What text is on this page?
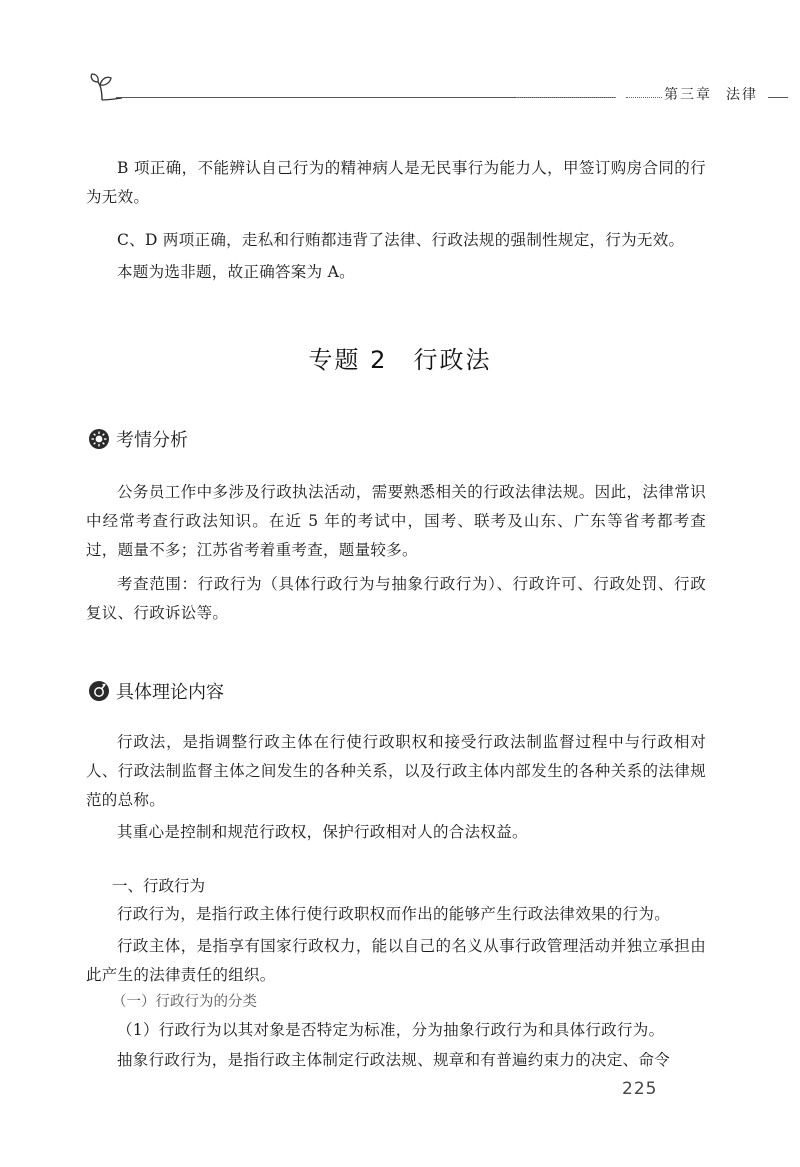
第三章 法律

B 项正确，不能辨认自己行为的精神病人是无民事行为能力人，甲签订购房合同的行为无效。

C、D 两项正确，走私和行贿都违背了法律、行政法规的强制性规定，行为无效。

本题为选非题，故正确答案为 A。

专题 2　行政法
考情分析

公务员工作中多涉及行政执法活动，需要熟悉相关的行政法律法规。因此，法律常识中经常考查行政法知识。在近 5 年的考试中，国考、联考及山东、广东等省考都考查过，题量不多；江苏省考着重考查，题量较多。

考查范围：行政行为（具体行政行为与抽象行政行为）、行政许可、行政处罚、行政复议、行政诉讼等。

具体理论内容

行政法，是指调整行政主体在行使行政职权和接受行政法制监督过程中与行政相对人、行政法制监督主体之间发生的各种关系，以及行政主体内部发生的各种关系的法律规范的总称。

其重心是控制和规范行政权，保护行政相对人的合法权益。

一、行政行为

行政行为，是指行政主体行使行政职权而作出的能够产生行政法律效果的行为。

行政主体，是指享有国家行政权力，能以自己的名义从事行政管理活动并独立承担由此产生的法律责任的组织。

（一）行政行为的分类

（1）行政行为以其对象是否特定为标准，分为抽象行政行为和具体行政行为。

抽象行政行为，是指行政主体制定行政法规、规章和有普遍约束力的决定、命令

225
